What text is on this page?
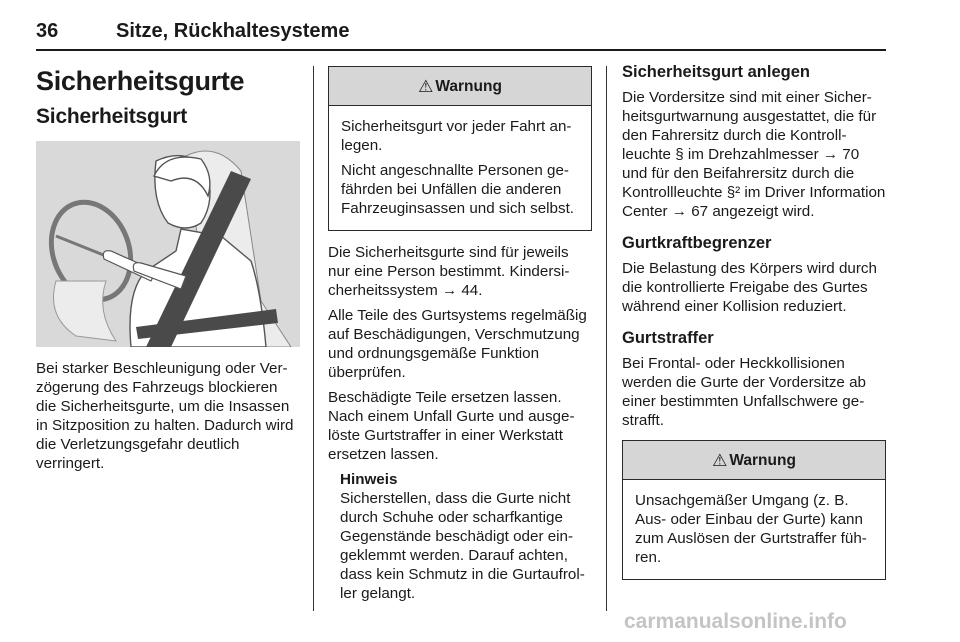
36	Sitze, Rückhaltesysteme
Sicherheitsgurte
Sicherheitsgurt

Bei starker Beschleunigung oder Verzögerung des Fahrzeugs blockieren die Sicherheitsgurte, um die Insassen in Sitzposition zu halten. Dadurch wird die Verletzungsgefahr deutlich verringert.

⚠ Warnung

Sicherheitsgurt vor jeder Fahrt anlegen.

Nicht angeschnallte Personen gefährden bei Unfällen die anderen Fahrzeuginsassen und sich selbst.

Die Sicherheitsgurte sind für jeweils nur eine Person bestimmt. Kindersicherheitssystem → 44.

Alle Teile des Gurtsystems regelmäßig auf Beschädigungen, Verschmutzung und ordnungsgemäße Funktion überprüfen.

Beschädigte Teile ersetzen lassen. Nach einem Unfall Gurte und ausgelöste Gurtstraffer in einer Werkstatt ersetzen lassen.

Hinweis

Sicherstellen, dass die Gurte nicht durch Schuhe oder scharfkantige Gegenstände beschädigt oder eingeklemmt werden. Darauf achten, dass kein Schmutz in die Gurtaufroller gelangt.

Sicherheitsgurt anlegen

Die Vordersitze sind mit einer Sicherheitsgurtwarnung ausgestattet, die für den Fahrersitz durch die Kontrollleuchte § im Drehzahlmesser → 70 und für den Beifahrersitz durch die Kontrollleuchte §² im Driver Information Center → 67 angezeigt wird.

Gurtkraftbegrenzer

Die Belastung des Körpers wird durch die kontrollierte Freigabe des Gurtes während einer Kollision reduziert.

Gurtstraffer

Bei Frontal- oder Heckkollisionen werden die Gurte der Vordersitze ab einer bestimmten Unfallschwere gestrafft.

⚠ Warnung

Unsachgemäßer Umgang (z. B. Aus- oder Einbau der Gurte) kann zum Auslösen der Gurtstraffer führen.

carmanualsonline.info
